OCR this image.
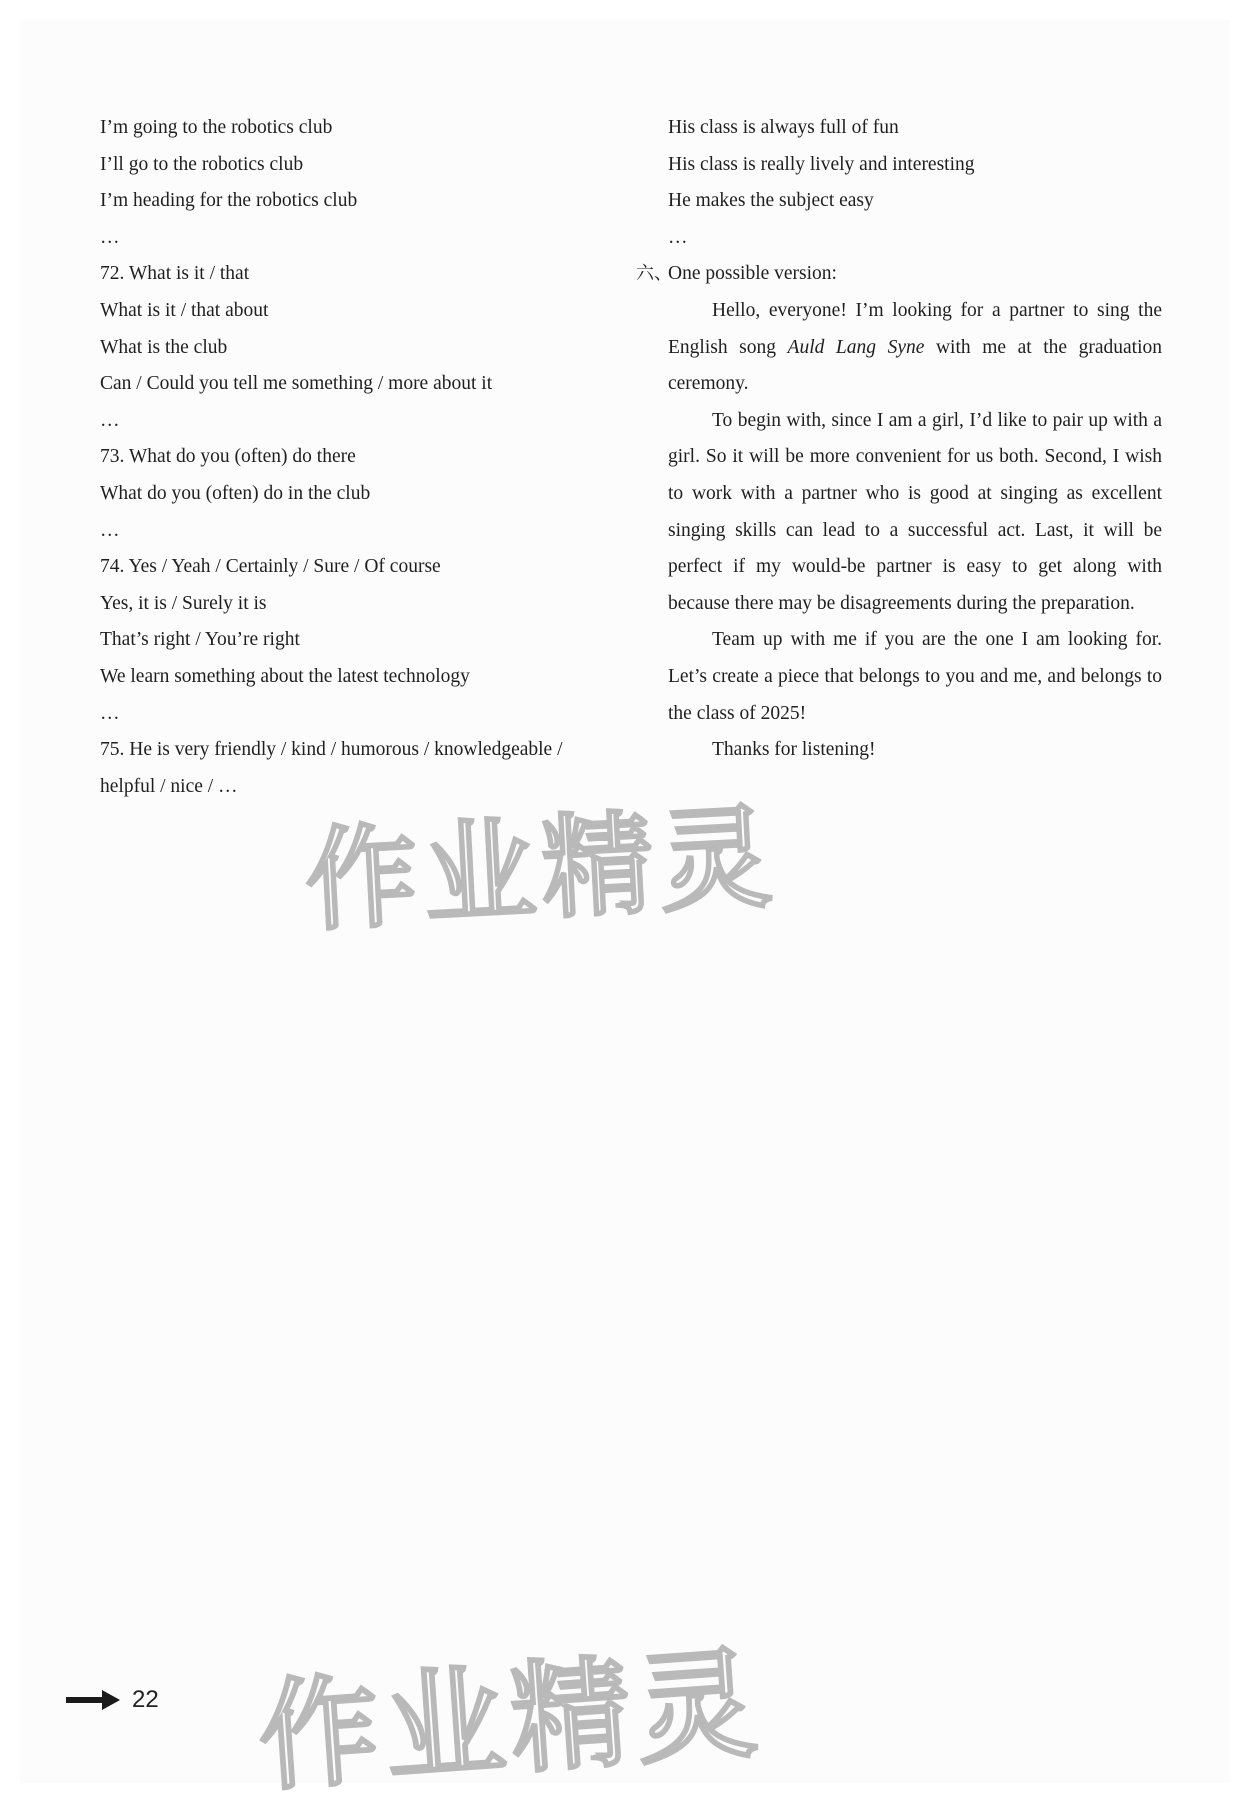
I’m going to the robotics club
I’ll go to the robotics club
I’m heading for the robotics club
…
72. What is it / that
What is it / that about
What is the club
Can / Could you tell me something / more about it
…
73. What do you (often) do there
What do you (often) do in the club
…
74. Yes / Yeah / Certainly / Sure / Of course
Yes, it is / Surely it is
That’s right / You’re right
We learn something about the latest technology
…
75. He is very friendly / kind / humorous / knowledgeable /
helpful / nice / …
His class is always full of fun
His class is really lively and interesting
He makes the subject easy
…
六、
One possible version:

Hello, everyone! I’m looking for a partner to sing the English song Auld Lang Syne with me at the graduation ceremony.

To begin with, since I am a girl, I’d like to pair up with a girl. So it will be more convenient for us both. Second, I wish to work with a partner who is good at singing as excellent singing skills can lead to a successful act. Last, it will be perfect if my would-be partner is easy to get along with because there may be disagreements during the preparation.

Team up with me if you are the one I am looking for. Let’s create a piece that belongs to you and me, and belongs to the class of 2025!

Thanks for listening!
作业精灵
作业精灵
22
